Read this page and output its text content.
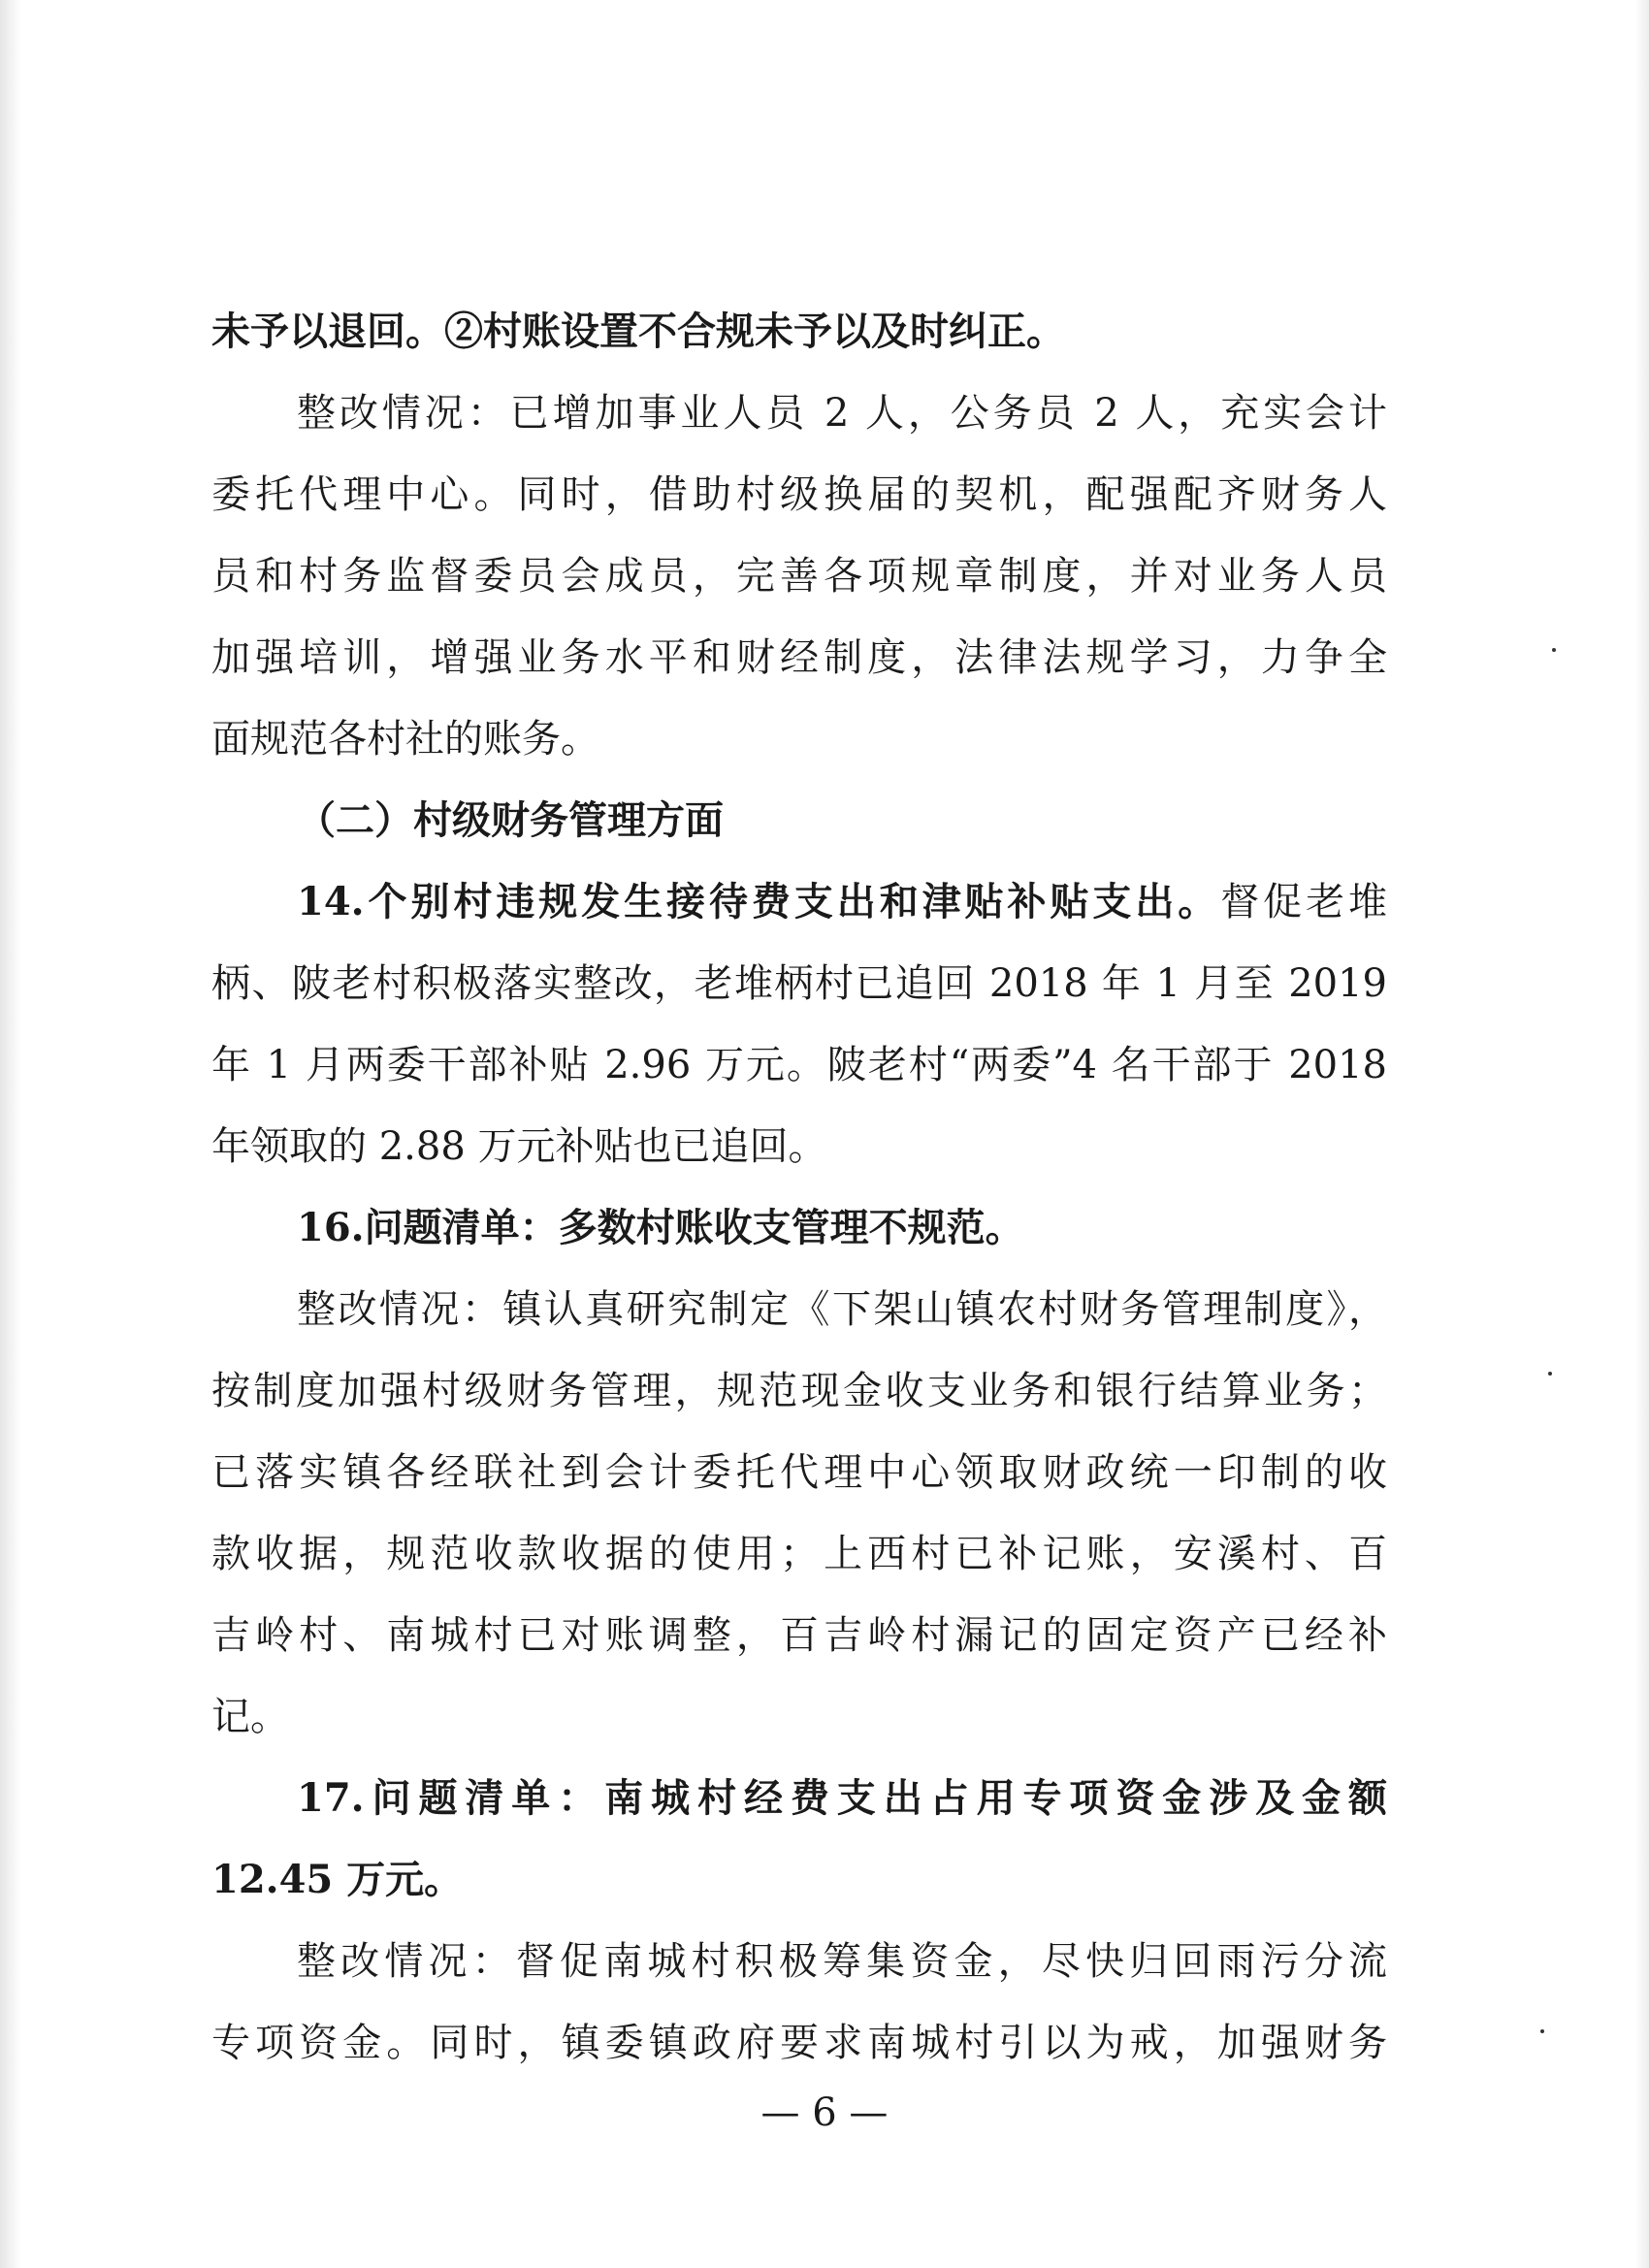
未予以退回。②村账设置不合规未予以及时纠正。
整改情况：已增加事业人员 2 人，公务员 2 人，充实会计
委托代理中心。同时，借助村级换届的契机，配强配齐财务人
员和村务监督委员会成员，完善各项规章制度，并对业务人员
加强培训，增强业务水平和财经制度，法律法规学习，力争全
面规范各村社的账务。
（二）村级财务管理方面
14.个别村违规发生接待费支出和津贴补贴支出。督促老堆
柄、陂老村积极落实整改，老堆柄村已追回 2018 年 1 月至 2019
年 1 月两委干部补贴 2.96 万元。陂老村“两委”4 名干部于 2018
年领取的 2.88 万元补贴也已追回。
16.问题清单：多数村账收支管理不规范。
整改情况：镇认真研究制定《下架山镇农村财务管理制度》，
按制度加强村级财务管理，规范现金收支业务和银行结算业务；
已落实镇各经联社到会计委托代理中心领取财政统一印制的收
款收据，规范收款收据的使用；上西村已补记账，安溪村、百
吉岭村、南城村已对账调整，百吉岭村漏记的固定资产已经补
记。
17.问题清单：南城村经费支出占用专项资金涉及金额
12.45 万元。
整改情况：督促南城村积极筹集资金，尽快归回雨污分流
专项资金。同时，镇委镇政府要求南城村引以为戒，加强财务
— 6 —
